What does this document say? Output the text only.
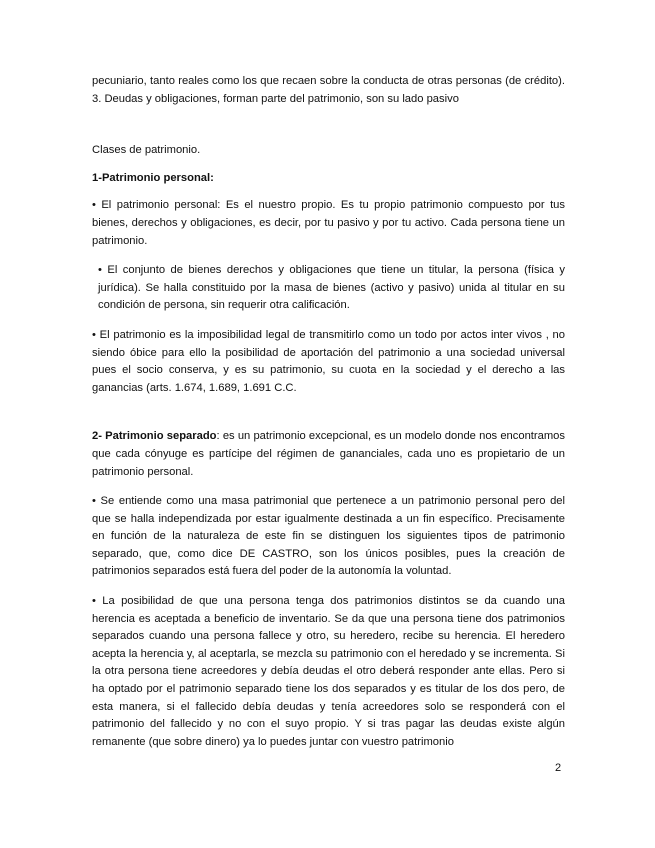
pecuniario, tanto reales como los que recaen sobre la conducta de otras personas (de crédito). 3. Deudas y obligaciones, forman parte del patrimonio, son su lado pasivo

Clases de patrimonio.

1-Patrimonio personal:

• El patrimonio personal: Es el nuestro propio. Es tu propio patrimonio compuesto por tus bienes, derechos y obligaciones, es decir, por tu pasivo y por tu activo. Cada persona tiene un patrimonio.

• El conjunto de bienes derechos y obligaciones que tiene un titular, la persona (física y jurídica). Se halla constituido por la masa de bienes (activo y pasivo) unida al titular en su condición de persona, sin requerir otra calificación.

• El patrimonio es la imposibilidad legal de transmitirlo como un todo por actos inter vivos , no siendo óbice para ello la posibilidad de aportación del patrimonio a una sociedad universal pues el socio conserva, y es su patrimonio, su cuota en la sociedad y el derecho a las ganancias (arts. 1.674, 1.689, 1.691 C.C.

2- Patrimonio separado: es un patrimonio excepcional, es un modelo donde nos encontramos que cada cónyuge es partícipe del régimen de gananciales, cada uno es propietario de un patrimonio personal.

• Se entiende como una masa patrimonial que pertenece a un patrimonio personal pero del que se halla independizada por estar igualmente destinada a un fin específico. Precisamente en función de la naturaleza de este fin se distinguen los siguientes tipos de patrimonio separado, que, como dice DE CASTRO, son los únicos posibles, pues la creación de patrimonios separados está fuera del poder de la autonomía la voluntad.

• La posibilidad de que una persona tenga dos patrimonios distintos se da cuando una herencia es aceptada a beneficio de inventario. Se da que una persona tiene dos patrimonios separados cuando una persona fallece y otro, su heredero, recibe su herencia. El heredero acepta la herencia y, al aceptarla, se mezcla su patrimonio con el heredado y se incrementa. Si la otra persona tiene acreedores y debía deudas el otro deberá responder ante ellas. Pero si ha optado por el patrimonio separado tiene los dos separados y es titular de los dos pero, de esta manera, si el fallecido debía deudas y tenía acreedores solo se responderá con el patrimonio del fallecido y no con el suyo propio. Y si tras pagar las deudas existe algún remanente (que sobre dinero) ya lo puedes juntar con vuestro patrimonio

2
